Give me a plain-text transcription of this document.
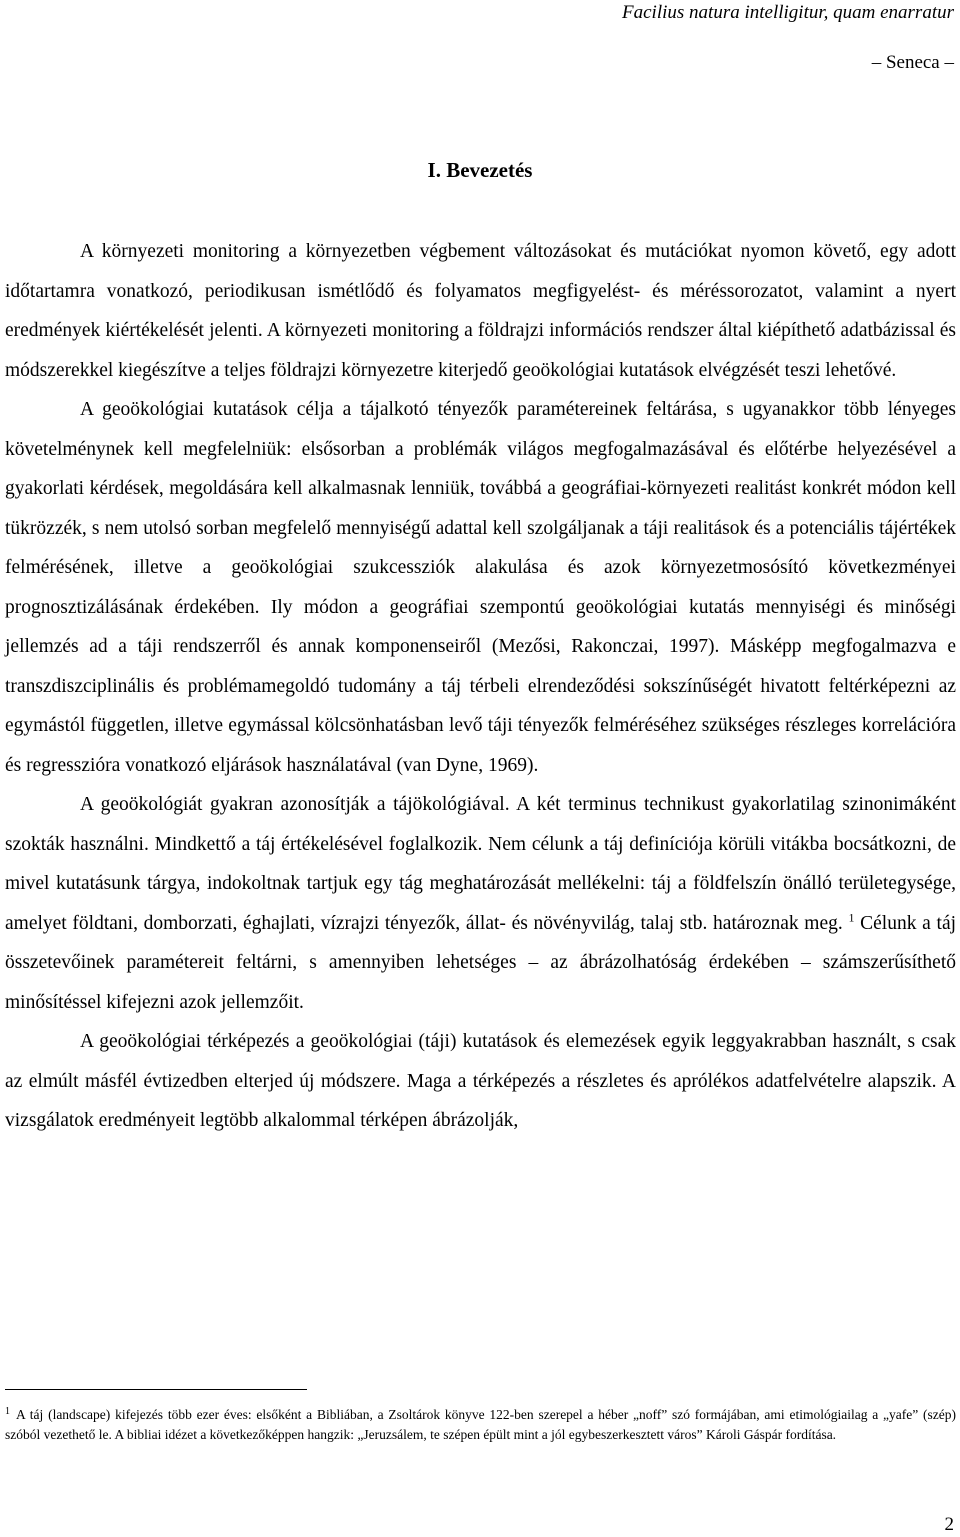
Facilius natura intelligitur, quam enarratur
– Seneca –
I. Bevezetés

A környezeti monitoring a környezetben végbement változásokat és mutációkat nyomon követő, egy adott időtartamra vonatkozó, periodikusan ismétlődő és folyamatos megfigyelést- és méréssorozatot, valamint a nyert eredmények kiértékelését jelenti. A környezeti monitoring a földrajzi információs rendszer által kiépíthető adatbázissal és módszerekkel kiegészítve a teljes földrajzi környezetre kiterjedő geoökológiai kutatások elvégzését teszi lehetővé.

A geoökológiai kutatások célja a tájalkotó tényezők paramétereinek feltárása, s ugyanakkor több lényeges követelménynek kell megfelelniük: elsősorban a problémák világos megfogalmazásával és előtérbe helyezésével a gyakorlati kérdések, megoldására kell alkalmasnak lenniük, továbbá a geográfiai-környezeti realitást konkrét módon kell tükrözzék, s nem utolsó sorban megfelelő mennyiségű adattal kell szolgáljanak a táji realitások és a potenciális tájértékek felmérésének, illetve a geoökológiai szukcessziók alakulása és azok környezetmosósító következményei prognosztizálásának érdekében. Ily módon a geográfiai szempontú geoökológiai kutatás mennyiségi és minőségi jellemzés ad a táji rendszerről és annak komponenseiről (Mezősi, Rakonczai, 1997). Másképp megfogalmazva e transzdiszciplinális és problémamegoldó tudomány a táj térbeli elrendeződési sokszínűségét hivatott feltérképezni az egymástól független, illetve egymással kölcsönhatásban levő táji tényezők felméréséhez szükséges részleges korrelációra és regresszióra vonatkozó eljárások használatával (van Dyne, 1969).

A geoökológiát gyakran azonosítják a tájökológiával. A két terminus technikust gyakorlatilag szinonimáként szokták használni. Mindkettő a táj értékelésével foglalkozik. Nem célunk a táj definíciója körüli vitákba bocsátkozni, de mivel kutatásunk tárgya, indokoltnak tartjuk egy tág meghatározását mellékelni: táj a földfelszín önálló területegysége, amelyet földtani, domborzati, éghajlati, vízrajzi tényezők, állat- és növényvilág, talaj stb. határoznak meg. $^1$ Célunk a táj összetevőinek paramétereit feltárni, s amennyiben lehetséges – az ábrázolhatóság érdekében – számszerűsíthető minősítéssel kifejezni azok jellemzőit.

A geoökológiai térképezés a geoökológiai (táji) kutatások és elemezések egyik leggyakrabban használt, s csak az elmúlt másfél évtizedben elterjed új módszere. Maga a térképezés a részletes és aprólékos adatfelvételre alapszik. A vizsgálatok eredményeit legtöbb alkalommal térképen ábrázolják,

$^1$ A táj (landscape) kifejezés több ezer éves: elsőként a Bibliában, a Zsoltárok könyve 122-ben szerepel a héber „noff” szó formájában, ami etimológiailag a „yafe” (szép) szóból vezethető le. A bibliai idézet a következőképpen hangzik: „Jeruzsálem, te szépen épült mint a jól egybeszerkesztett város” Károli Gáspár fordítása.

2
